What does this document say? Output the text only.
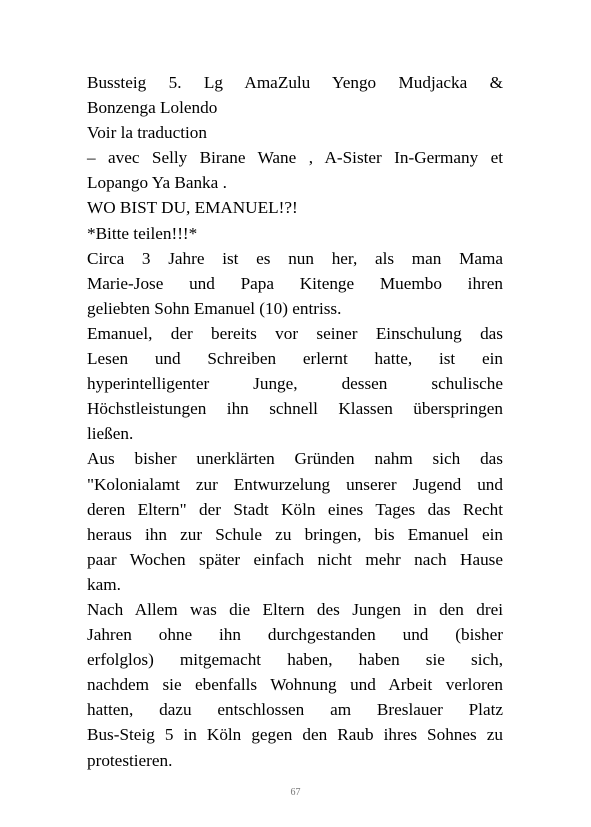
Bussteig 5. Lg AmaZulu Yengo Mudjacka &
Bonzenga Lolendo

Voir la traduction

– avec Selly Birane Wane , A-Sister In-Germany et
Lopango Ya Banka .

WO BIST DU, EMANUEL!?!

*Bitte teilen!!!*

Circa 3 Jahre ist es nun her, als man Mama
Marie-Jose und Papa Kitenge Muembo ihren
geliebten Sohn Emanuel (10) entriss.

Emanuel, der bereits vor seiner Einschulung das
Lesen und Schreiben erlernt hatte, ist ein
hyperintelligenter Junge, dessen schulische
Höchstleistungen ihn schnell Klassen überspringen
ließen.

Aus bisher unerklärten Gründen nahm sich das
"Kolonialamt zur Entwurzelung unserer Jugend und
deren Eltern" der Stadt Köln eines Tages das Recht
heraus ihn zur Schule zu bringen, bis Emanuel ein
paar Wochen später einfach nicht mehr nach Hause
kam.

Nach Allem was die Eltern des Jungen in den drei
Jahren ohne ihn durchgestanden und (bisher
erfolglos) mitgemacht haben, haben sie sich,
nachdem sie ebenfalls Wohnung und Arbeit verloren
hatten, dazu entschlossen am Breslauer Platz
Bus-Steig 5 in Köln gegen den Raub ihres Sohnes zu
protestieren.

67
